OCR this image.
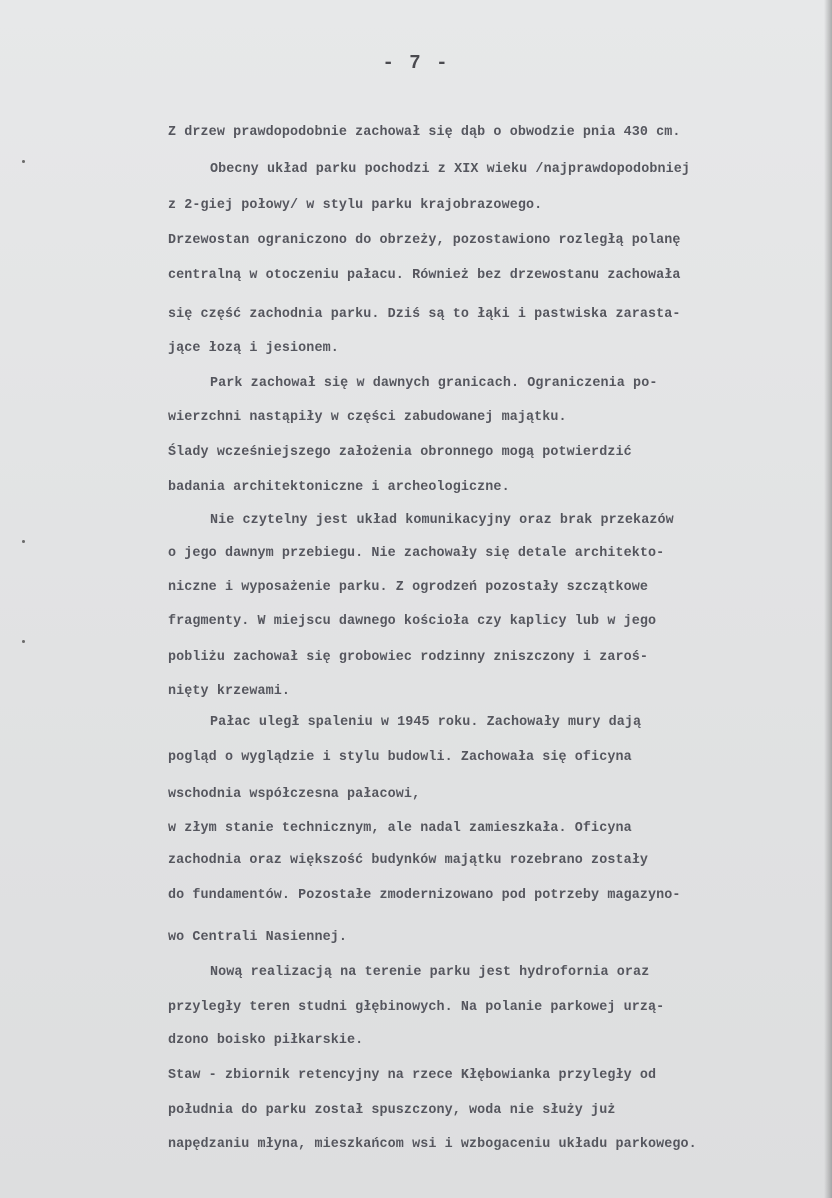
- 7 -
Z drzew prawdopodobnie zachował się dąb o obwodzie pnia 430 cm.
Obecny układ parku pochodzi z XIX wieku /najprawdopodobniej
z 2-giej połowy/ w stylu parku krajobrazowego.
Drzewostan ograniczono do obrzeży, pozostawiono rozległą polanę
centralną w otoczeniu pałacu. Również bez drzewostanu zachowała
się część zachodnia parku. Dziś są to łąki i pastwiska zarasta-
jące łozą i jesionem.
Park zachował się w dawnych granicach. Ograniczenia po-
wierzchni nastąpiły w części zabudowanej majątku.
Ślady wcześniejszego założenia obronnego mogą potwierdzić
badania architektoniczne i archeologiczne.
Nie czytelny jest układ komunikacyjny oraz brak przekazów
o jego dawnym przebiegu. Nie zachowały się detale architekto-
niczne i wyposażenie parku. Z ogrodzeń pozostały szczątkowe
fragmenty. W miejscu dawnego kościoła czy kaplicy lub w jego
pobliżu zachował się grobowiec rodzinny zniszczony i zaroś-
nięty krzewami.
Pałac uległ spaleniu w 1945 roku. Zachowały mury dają
pogląd o wyglądzie i stylu budowli. Zachowała się oficyna
wschodnia współczesna pałacowi,
w złym stanie technicznym, ale nadal zamieszkała. Oficyna
zachodnia oraz większość budynków majątku rozebrano zostały
do fundamentów. Pozostałe zmodernizowano pod potrzeby magazyno-
wo Centrali Nasiennej.
Nową realizacją na terenie parku jest hydrofornia oraz
przyległy teren studni głębinowych. Na polanie parkowej urzą-
dzono boisko piłkarskie.
Staw - zbiornik retencyjny na rzece Kłębowianka przyległy od
południa do parku został spuszczony, woda nie służy już
napędzaniu młyna, mieszkańcom wsi i wzbogaceniu układu parkowego.
